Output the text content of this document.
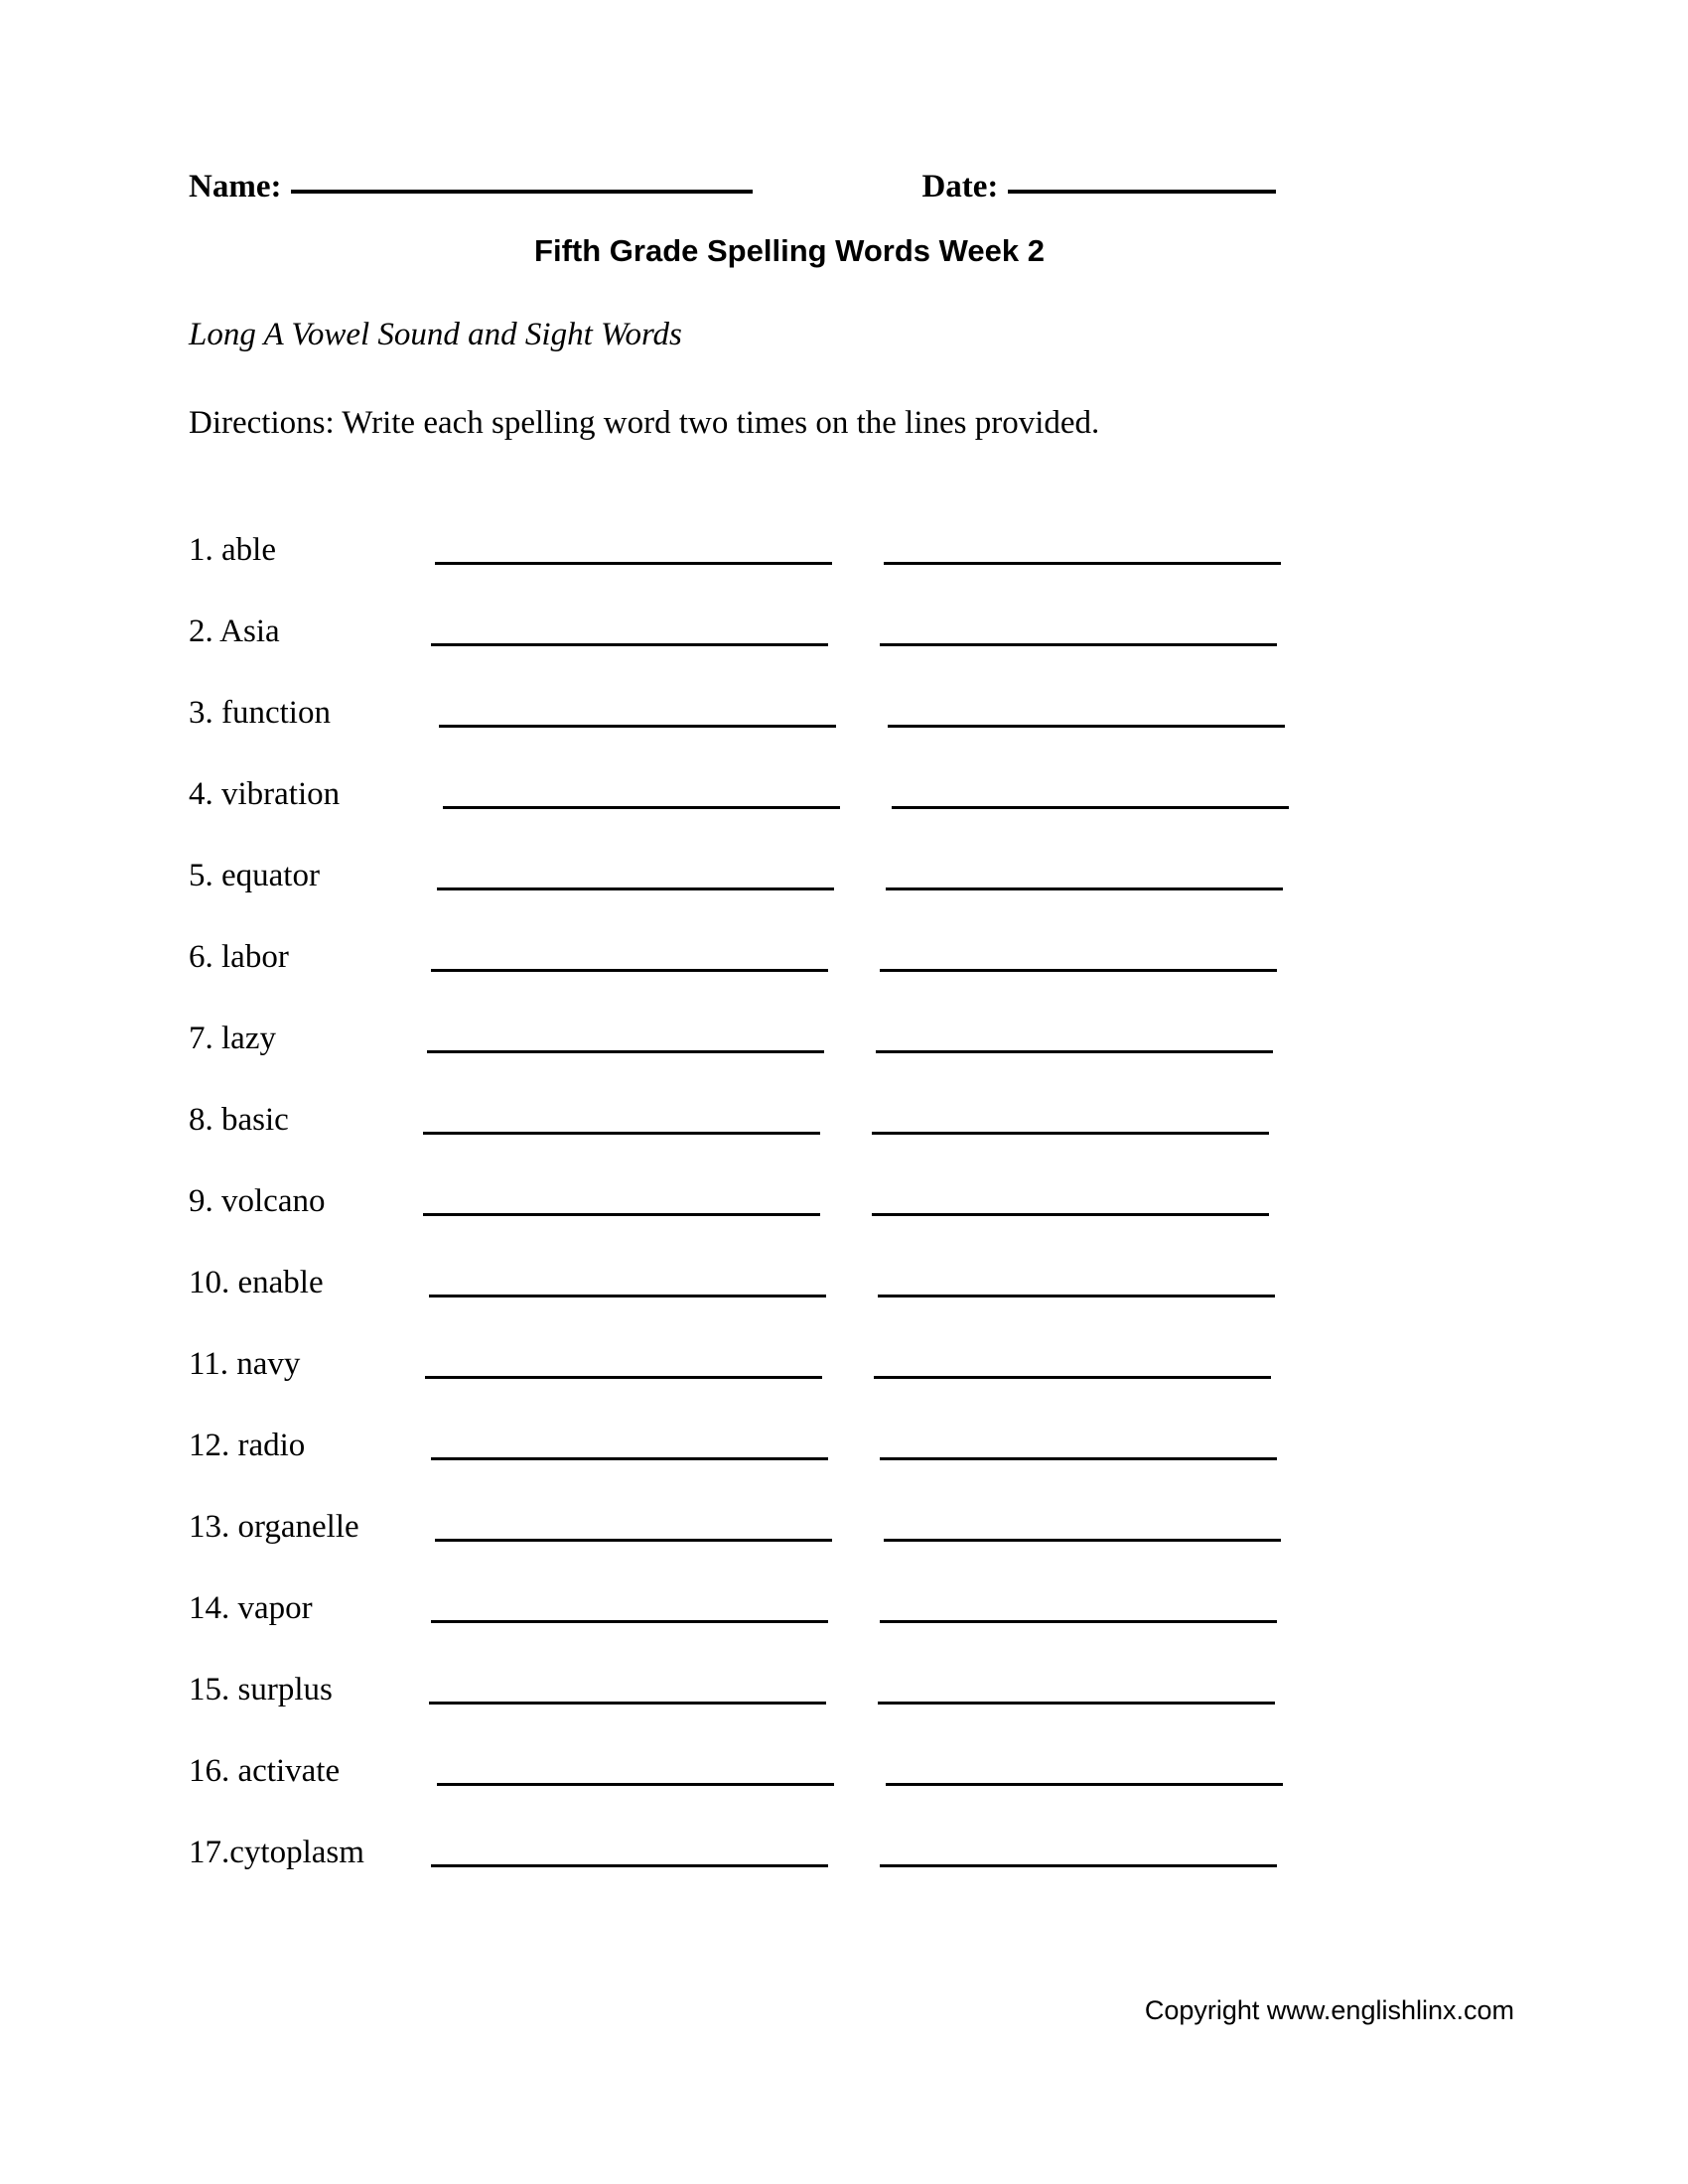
Name:	Date:
Fifth Grade Spelling Words Week 2
Long A Vowel Sound and Sight Words
Directions: Write each spelling word two times on the lines provided.
1. able
2. Asia
3. function
4. vibration
5. equator
6. labor
7. lazy
8. basic
9. volcano
10. enable
11. navy
12. radio
13. organelle
14. vapor
15. surplus
16. activate
17.cytoplasm
Copyright www.englishlinx.com
